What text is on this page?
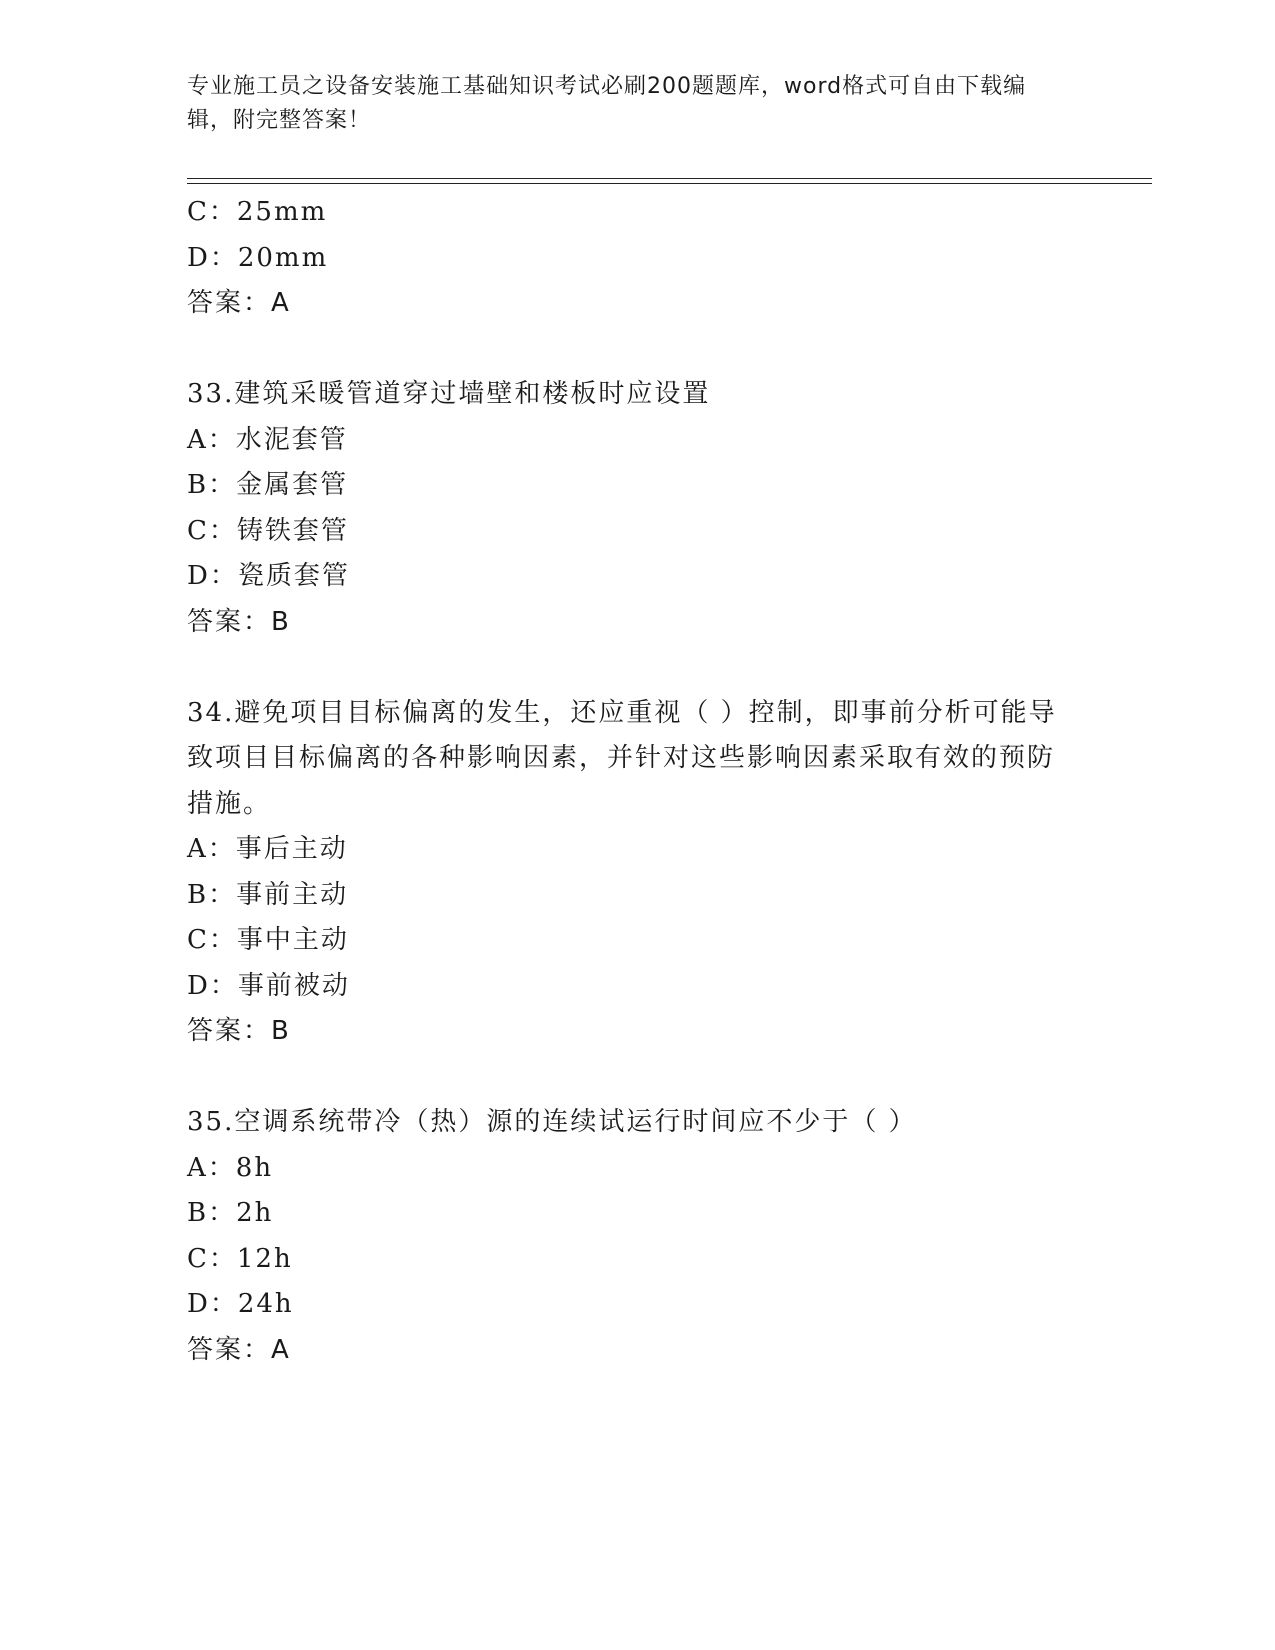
专业施工员之设备安装施工基础知识考试必刷200题题库，word格式可自由下载编辑，附完整答案！
C：25mm
D：20mm
答案：A
33.建筑采暖管道穿过墙壁和楼板时应设置
A：水泥套管
B：金属套管
C：铸铁套管
D：瓷质套管
答案：B
34.避免项目目标偏离的发生，还应重视（ ）控制，即事前分析可能导致项目目标偏离的各种影响因素，并针对这些影响因素采取有效的预防措施。
A：事后主动
B：事前主动
C：事中主动
D：事前被动
答案：B
35.空调系统带冷（热）源的连续试运行时间应不少于（ ）
A：8h
B：2h
C：12h
D：24h
答案：A
